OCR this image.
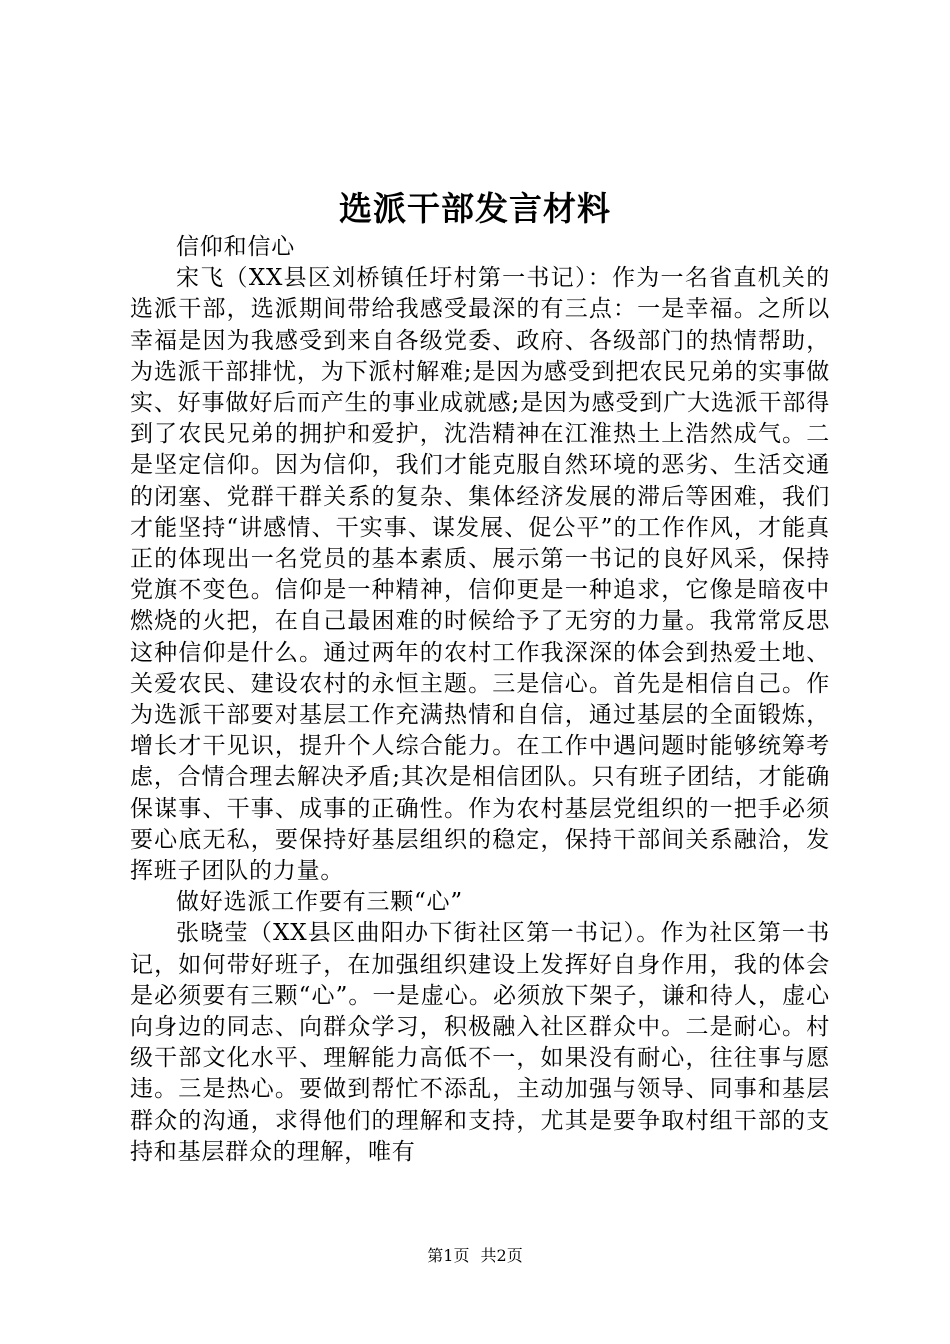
选派干部发言材料

信仰和信心

宋飞（XX县区刘桥镇任圩村第一书记）：作为一名省直机关的选派干部，选派期间带给我感受最深的有三点：一是幸福。之所以幸福是因为我感受到来自各级党委、政府、各级部门的热情帮助，为选派干部排忧，为下派村解难;是因为感受到把农民兄弟的实事做实、好事做好后而产生的事业成就感;是因为感受到广大选派干部得到了农民兄弟的拥护和爱护，沈浩精神在江淮热土上浩然成气。二是坚定信仰。因为信仰，我们才能克服自然环境的恶劣、生活交通的闭塞、党群干群关系的复杂、集体经济发展的滞后等困难，我们才能坚持“讲感情、干实事、谋发展、促公平”的工作作风，才能真正的体现出一名党员的基本素质、展示第一书记的良好风采，保持党旗不变色。信仰是一种精神，信仰更是一种追求，它像是暗夜中燃烧的火把，在自己最困难的时候给予了无穷的力量。我常常反思这种信仰是什么。通过两年的农村工作我深深的体会到热爱土地、关爱农民、建设农村的永恒主题。三是信心。首先是相信自己。作为选派干部要对基层工作充满热情和自信，通过基层的全面锻炼，增长才干见识，提升个人综合能力。在工作中遇问题时能够统筹考虑，合情合理去解决矛盾;其次是相信团队。只有班子团结，才能确保谋事、干事、成事的正确性。作为农村基层党组织的一把手必须要心底无私，要保持好基层组织的稳定，保持干部间关系融洽，发挥班子团队的力量。

做好选派工作要有三颗“心”

张晓莹（XX县区曲阳办下街社区第一书记）。作为社区第一书记，如何带好班子，在加强组织建设上发挥好自身作用，我的体会是必须要有三颗“心”。一是虚心。必须放下架子，谦和待人，虚心向身边的同志、向群众学习，积极融入社区群众中。二是耐心。村级干部文化水平、理解能力高低不一，如果没有耐心，往往事与愿违。三是热心。要做到帮忙不添乱，主动加强与领导、同事和基层群众的沟通，求得他们的理解和支持，尤其是要争取村组干部的支持和基层群众的理解，唯有

第1页 共2页
